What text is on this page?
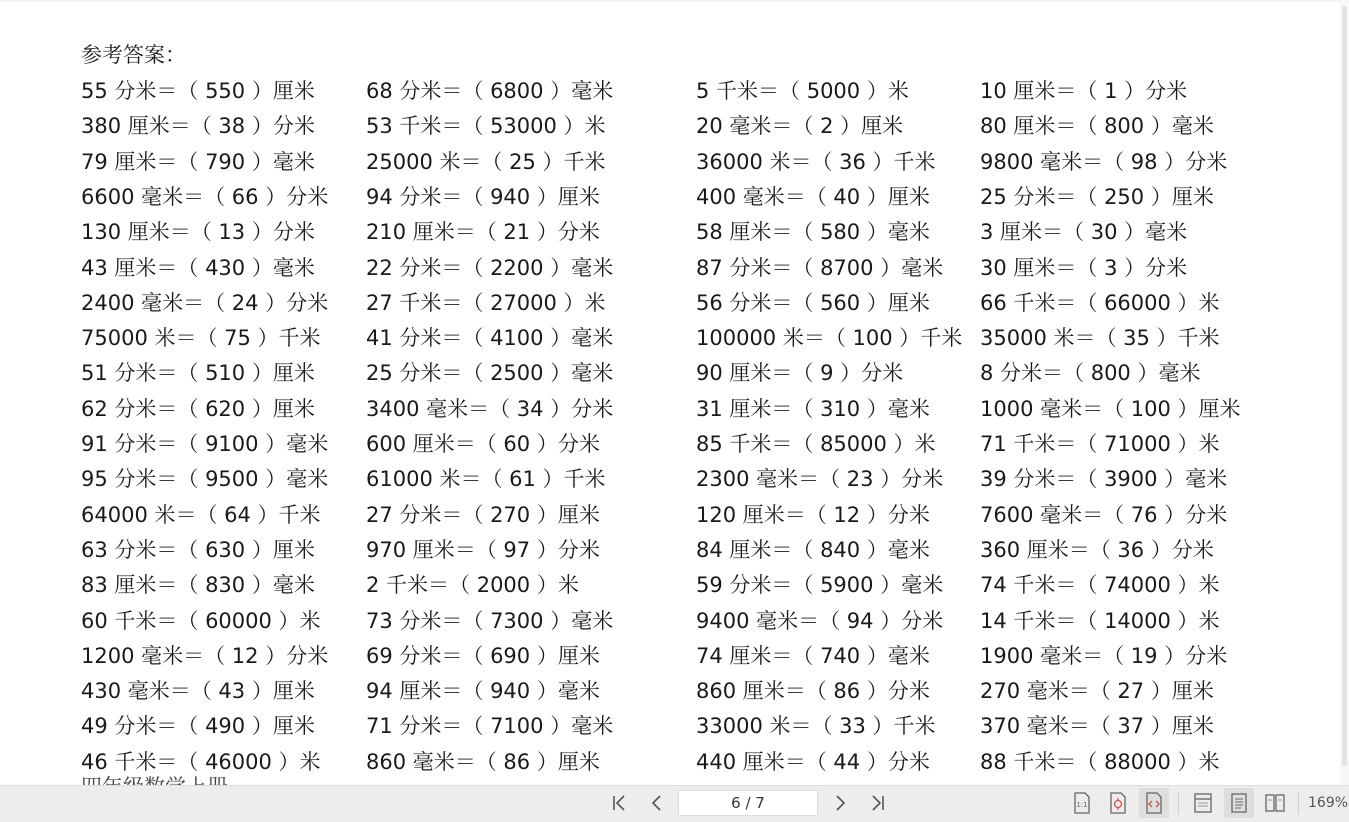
参考答案：
55 分米＝（ 550 ）厘米 68 分米＝（ 6800 ）毫米	5 千米＝（ 5000 ）米	10 厘米＝（ 1 ）分米
380 厘米＝（ 38 ）分米 53 千米＝（ 53000 ）米	20 毫米＝（ 2 ）厘米	80 厘米＝（ 800 ）毫米
79 厘米＝（ 790 ）毫米 25000 米＝（ 25 ）千米	36000 米＝（ 36 ）千米 9800 毫米＝（ 98 ）分米
6600 毫米＝（ 66 ）分米 94 分米＝（ 940 ）厘米	400 毫米＝（ 40 ）厘米 25 分米＝（ 250 ）厘米
130 厘米＝（ 13 ）分米 210 厘米＝（ 21 ）分米	58 厘米＝（ 580 ）毫米 3 厘米＝（ 30 ）毫米
43 厘米＝（ 430 ）毫米 22 分米＝（ 2200 ）毫米	87 分米＝（ 8700 ）毫米 30 厘米＝（ 3 ）分米
2400 毫米＝（ 24 ）分米 27 千米＝（ 27000 ）米	56 分米＝（ 560 ）厘米 66 千米＝（ 66000 ）米
75000 米＝（ 75 ）千米 41 分米＝（ 4100 ）毫米	100000 米＝（ 100 ）千米 35000 米＝（ 35 ）千米
51 分米＝（ 510 ）厘米 25 分米＝（ 2500 ）毫米	90 厘米＝（ 9 ）分米	8 分米＝（ 800 ）毫米
62 分米＝（ 620 ）厘米 3400 毫米＝（ 34 ）分米	31 厘米＝（ 310 ）毫米 1000 毫米＝（ 100 ）厘米
91 分米＝（ 9100 ）毫米 600 厘米＝（ 60 ）分米	85 千米＝（ 85000 ）米 71 千米＝（ 71000 ）米
95 分米＝（ 9500 ）毫米 61000 米＝（ 61 ）千米	2300 毫米＝（ 23 ）分米 39 分米＝（ 3900 ）毫米
64000 米＝（ 64 ）千米 27 分米＝（ 270 ）厘米	120 厘米＝（ 12 ）分米 7600 毫米＝（ 76 ）分米
63 分米＝（ 630 ）厘米 970 厘米＝（ 97 ）分米	84 厘米＝（ 840 ）毫米 360 厘米＝（ 36 ）分米
83 厘米＝（ 830 ）毫米 2 千米＝（ 2000 ）米	59 分米＝（ 5900 ）毫米 74 千米＝（ 74000 ）米
60 千米＝（ 60000 ）米 73 分米＝（ 7300 ）毫米	9400 毫米＝（ 94 ）分米 14 千米＝（ 14000 ）米
1200 毫米＝（ 12 ）分米 69 分米＝（ 690 ）厘米	74 厘米＝（ 740 ）毫米 1900 毫米＝（ 19 ）分米
430 毫米＝（ 43 ）厘米 94 厘米＝（ 940 ）毫米	860 厘米＝（ 86 ）分米 270 毫米＝（ 27 ）厘米
49 分米＝（ 490 ）厘米 71 分米＝（ 7100 ）毫米	33000 米＝（ 33 ）千米 370 毫米＝（ 37 ）厘米
46 千米＝（ 46000 ）米 860 毫米＝（ 86 ）厘米	440 厘米＝（ 44 ）分米 88 千米＝（ 88000 ）米
6 / 7	1:1	169%
